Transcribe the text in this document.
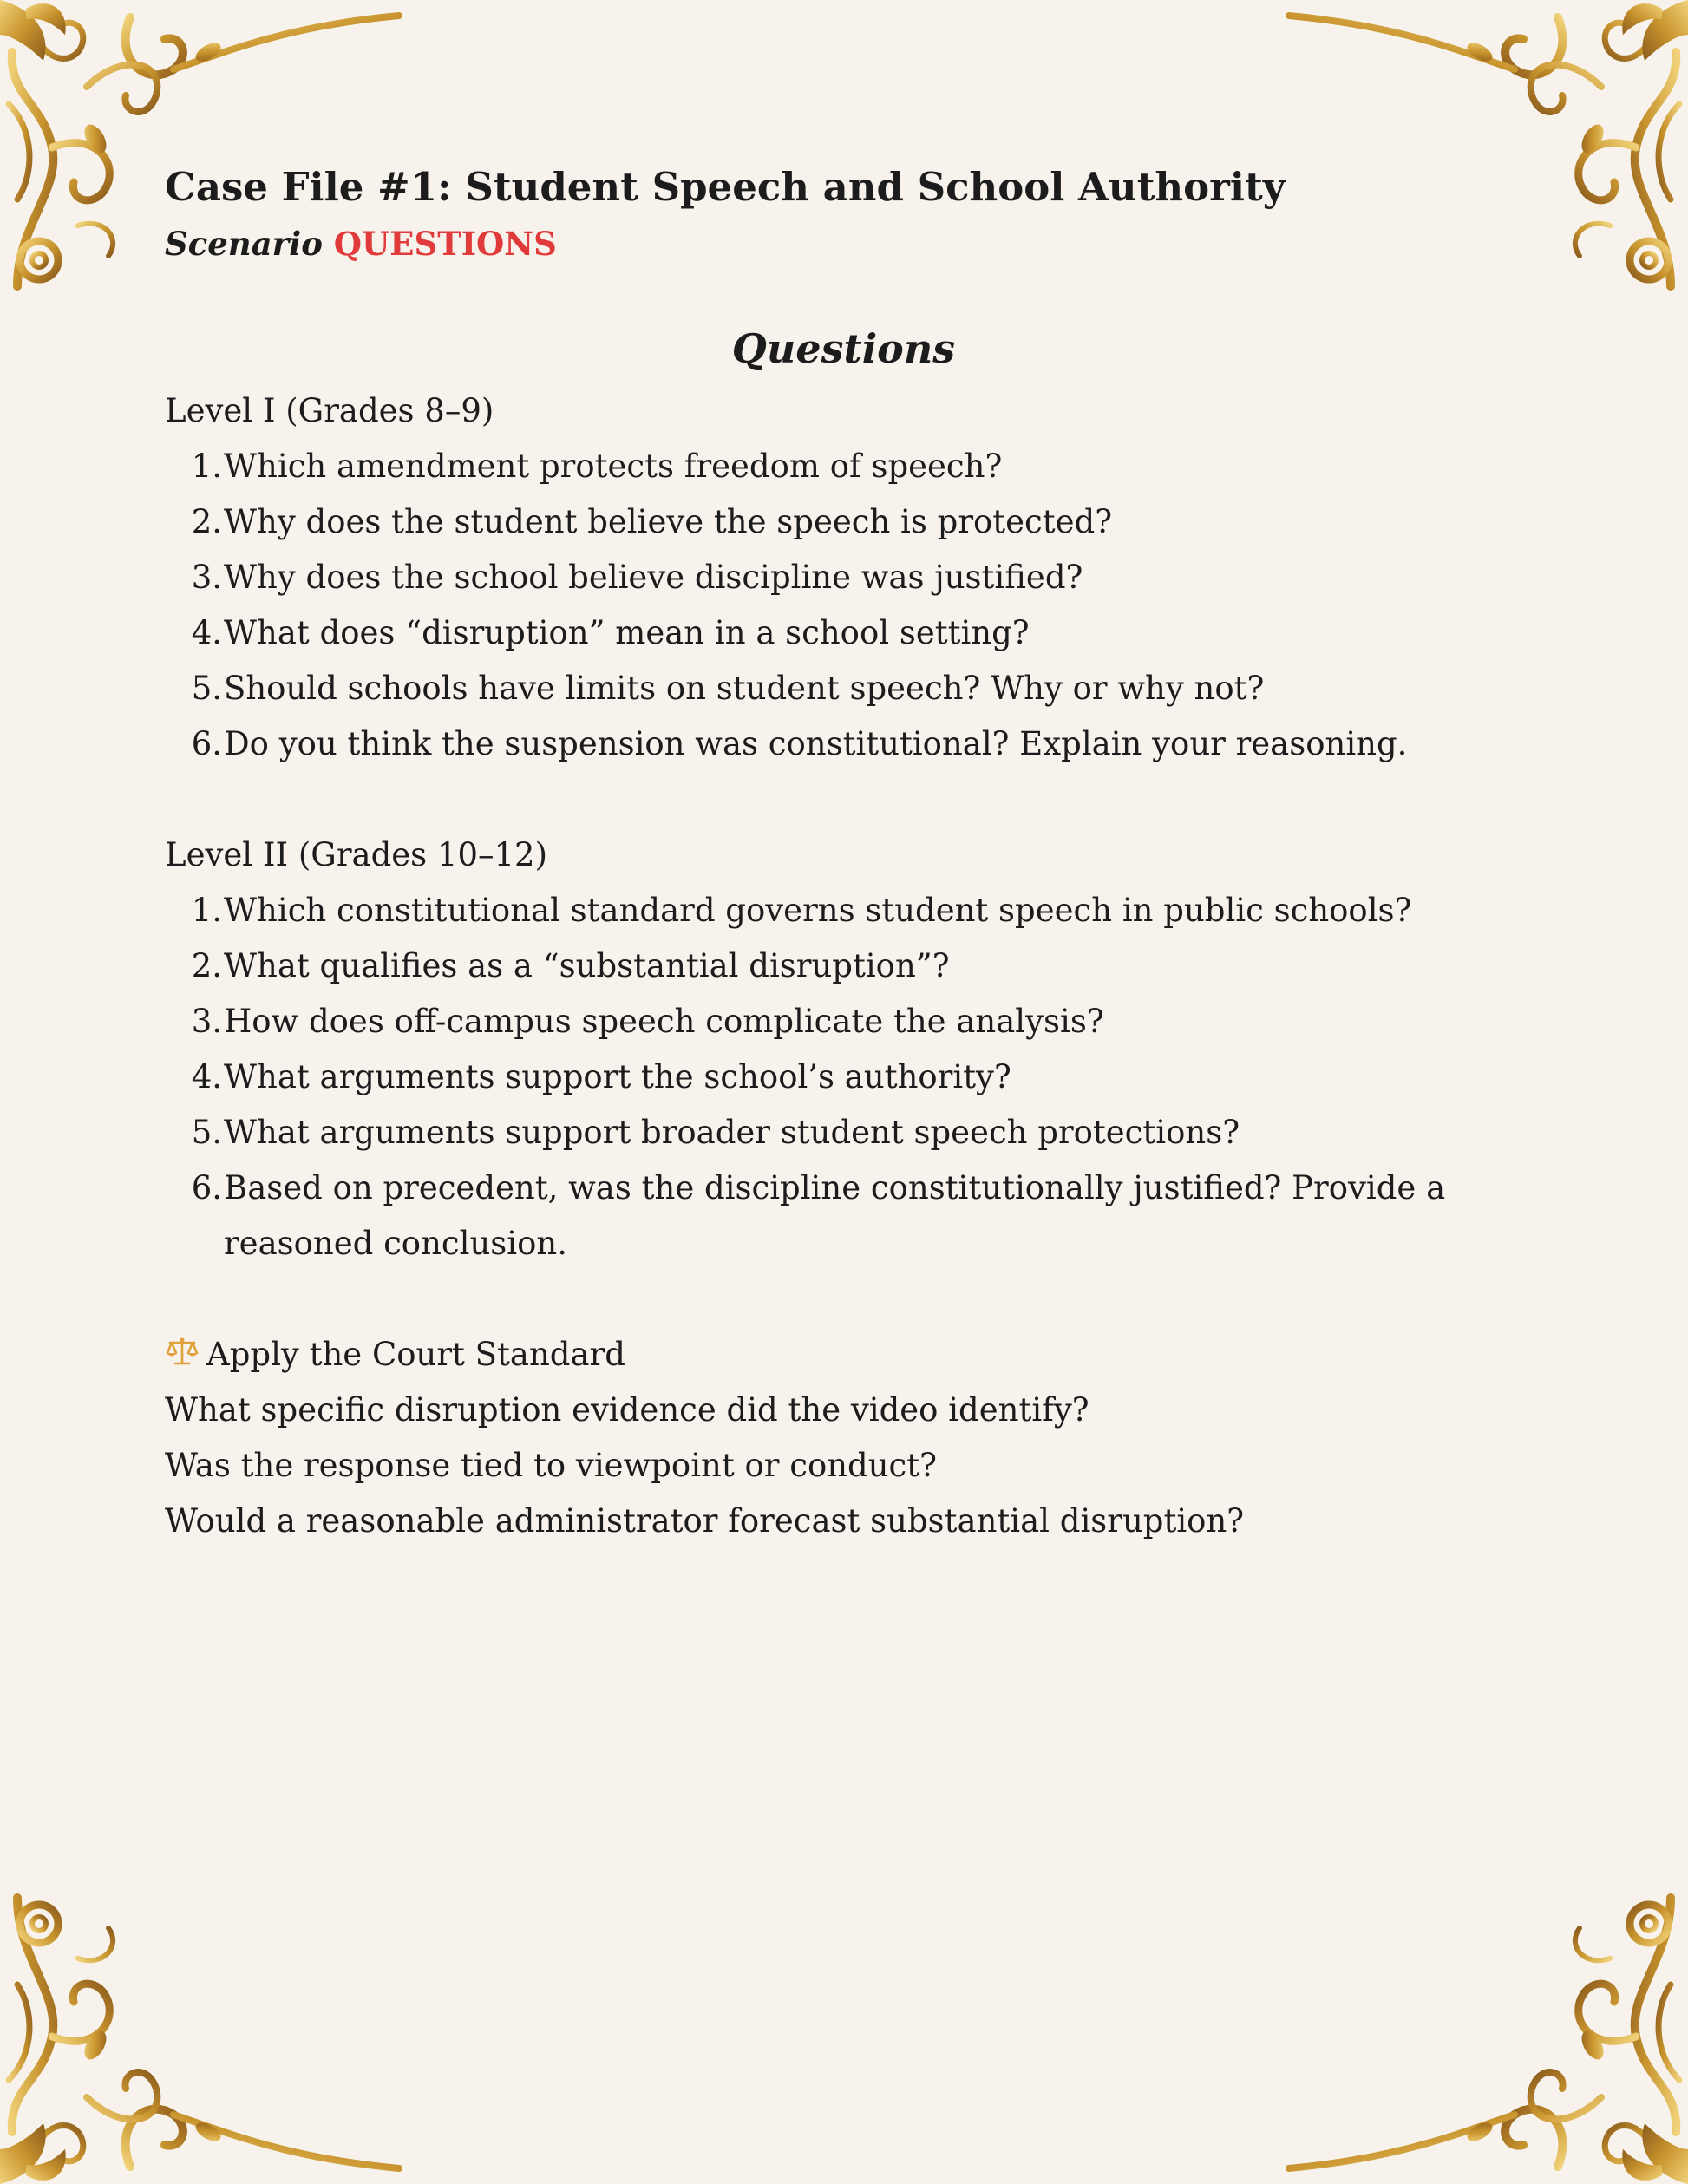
Case File #1: Student Speech and School Authority

Scenario QUESTIONS

Questions

Level I (Grades 8–9)

1. Which amendment protects freedom of speech?
2. Why does the student believe the speech is protected?
3. Why does the school believe discipline was justified?
4. What does “disruption” mean in a school setting?
5. Should schools have limits on student speech? Why or why not?
6. Do you think the suspension was constitutional? Explain your reasoning.

Level II (Grades 10–12)

1. Which constitutional standard governs student speech in public schools?
2. What qualifies as a “substantial disruption”?
3. How does off-campus speech complicate the analysis?
4. What arguments support the school’s authority?
5. What arguments support broader student speech protections?
6. Based on precedent, was the discipline constitutionally justified? Provide a reasoned conclusion.

Apply the Court Standard

What specific disruption evidence did the video identify?

Was the response tied to viewpoint or conduct?

Would a reasonable administrator forecast substantial disruption?
